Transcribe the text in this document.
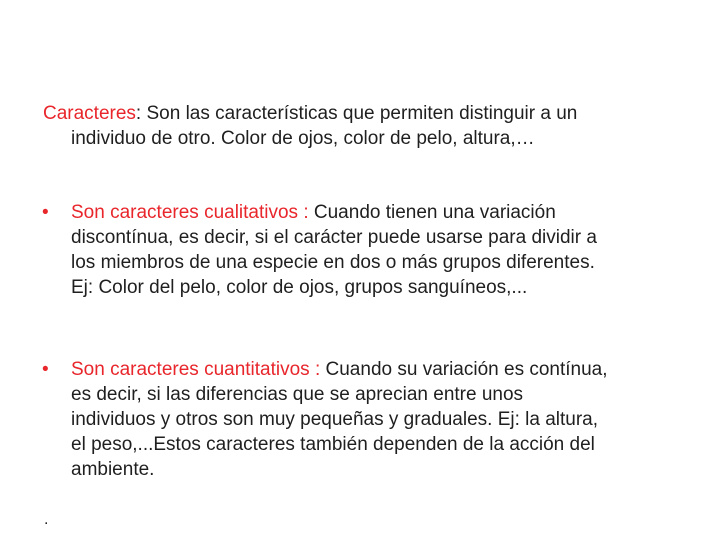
Caracteres: Son las características que permiten distinguir a un
individuo de otro. Color de ojos, color de pelo, altura,…
•	Son caracteres cualitativos : Cuando tienen una variación
discontínua, es decir, si el carácter puede usarse para dividir a
los miembros de una especie en dos o más grupos diferentes.
Ej: Color del pelo, color de ojos, grupos sanguíneos,...
•	Son caracteres cuantitativos : Cuando su variación es contínua,
es decir, si las diferencias que se aprecian entre unos
individuos y otros son muy pequeñas y graduales. Ej: la altura,
el peso,...Estos caracteres también dependen de la acción del
ambiente.
.
